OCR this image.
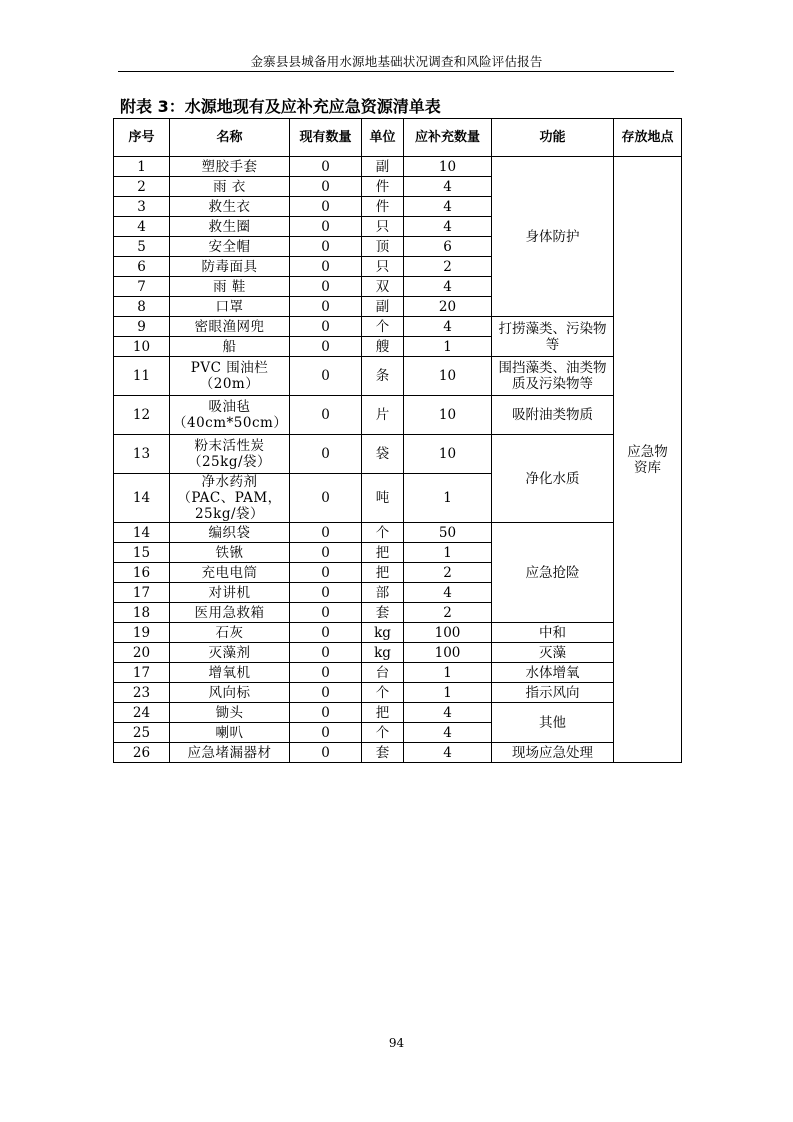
金寨县县城备用水源地基础状况调查和风险评估报告
附表 3：水源地现有及应补充应急资源清单表
序号	名称	现有数量	单位	应补充数量	功能	存放地点
1	塑胶手套	0	副	10	身体防护	应急物资库
2	雨 衣	0	件	4		
3	救生衣	0	件	4		
4	救生圈	0	只	4		
5	安全帽	0	顶	6		
6	防毒面具	0	只	2		
7	雨 鞋	0	双	4		
8	口罩	0	副	20		
9	密眼渔网兜	0	个	4	打捞藻类、污染物等	
10	船	0	艘	1		
11	PVC 围油栏（20m）	0	条	10	围挡藻类、油类物质及污染物等	
12	吸油毡（40cm*50cm）	0	片	10	吸附油类物质	
13	粉末活性炭（25kg/袋）	0	袋	10	净化水质	
14	净水药剂（PAC、PAM，25kg/袋）	0	吨	1		
14	编织袋	0	个	50	应急抢险	
15	铁锹	0	把	1		
16	充电电筒	0	把	2		
17	对讲机	0	部	4		
18	医用急救箱	0	套	2		
19	石灰	0	kg	100	中和	
20	灭藻剂	0	kg	100	灭藻	
17	增氧机	0	台	1	水体增氧	
23	风向标	0	个	1	指示风向	
24	锄头	0	把	4	其他	
25	喇叭	0	个	4		
26	应急堵漏器材	0	套	4	现场应急处理	
94
